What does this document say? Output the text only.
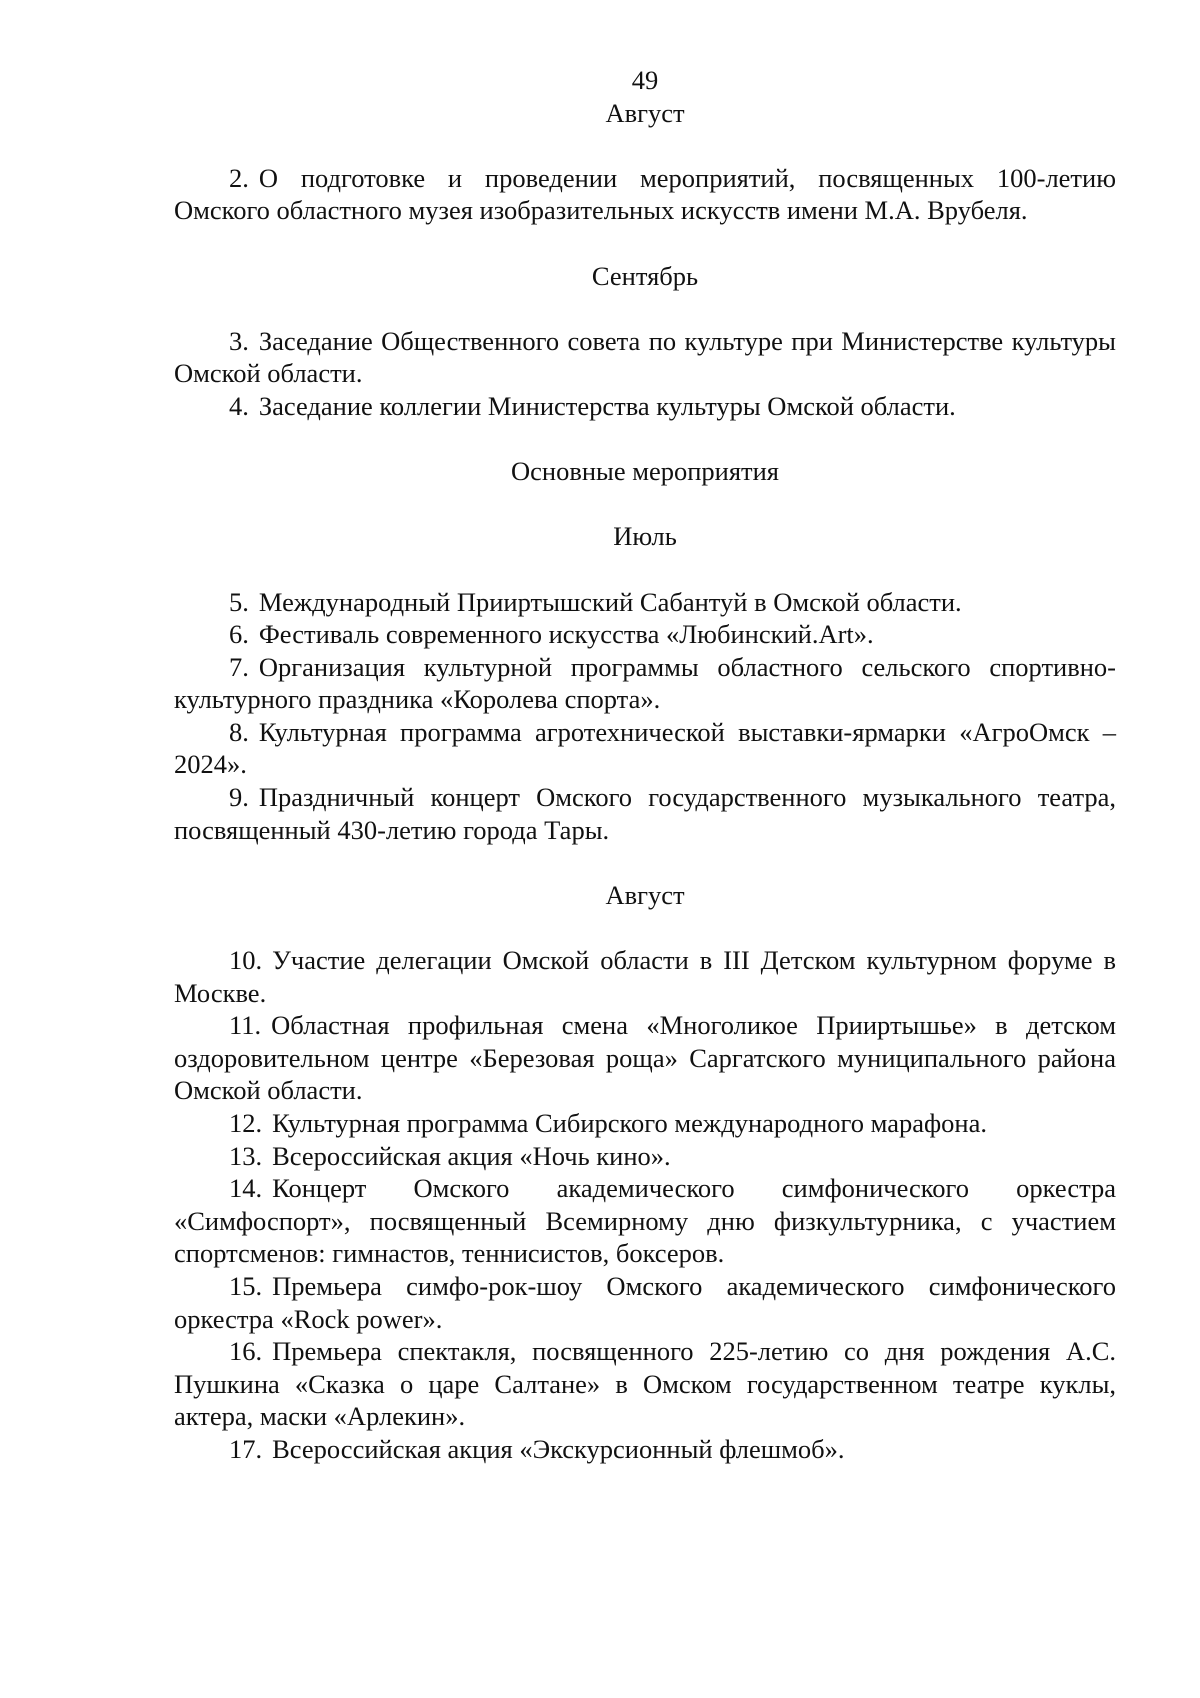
49
Август

2. О подготовке и проведении мероприятий, посвященных 100-летию Омского областного музея изобразительных искусств имени М.А. Врубеля.

Сентябрь

3. Заседание Общественного совета по культуре при Министерстве культуры Омской области.

4. Заседание коллегии Министерства культуры Омской области.

Основные мероприятия
Июль

5. Международный Прииртышский Сабантуй в Омской области.

6. Фестиваль современного искусства «Любинский.Art».

7. Организация культурной программы областного сельского спортивно-культурного праздника «Королева спорта».

8. Культурная программа агротехнической выставки-ярмарки «АгроОмск – 2024».

9. Праздничный концерт Омского государственного музыкального театра, посвященный 430-летию города Тары.

Август

10. Участие делегации Омской области в III Детском культурном форуме в Москве.

11. Областная профильная смена «Многоликое Прииртышье» в детском оздоровительном центре «Березовая роща» Саргатского муниципального района Омской области.

12. Культурная программа Сибирского международного марафона.

13. Всероссийская акция «Ночь кино».

14. Концерт Омского академического симфонического оркестра «Симфоспорт», посвященный Всемирному дню физкультурника, с участием спортсменов: гимнастов, теннисистов, боксеров.

15. Премьера симфо-рок-шоу Омского академического симфонического оркестра «Rock power».

16. Премьера спектакля, посвященного 225-летию со дня рождения А.С. Пушкина «Сказка о царе Салтане» в Омском государственном театре куклы, актера, маски «Арлекин».

17. Всероссийская акция «Экскурсионный флешмоб».
